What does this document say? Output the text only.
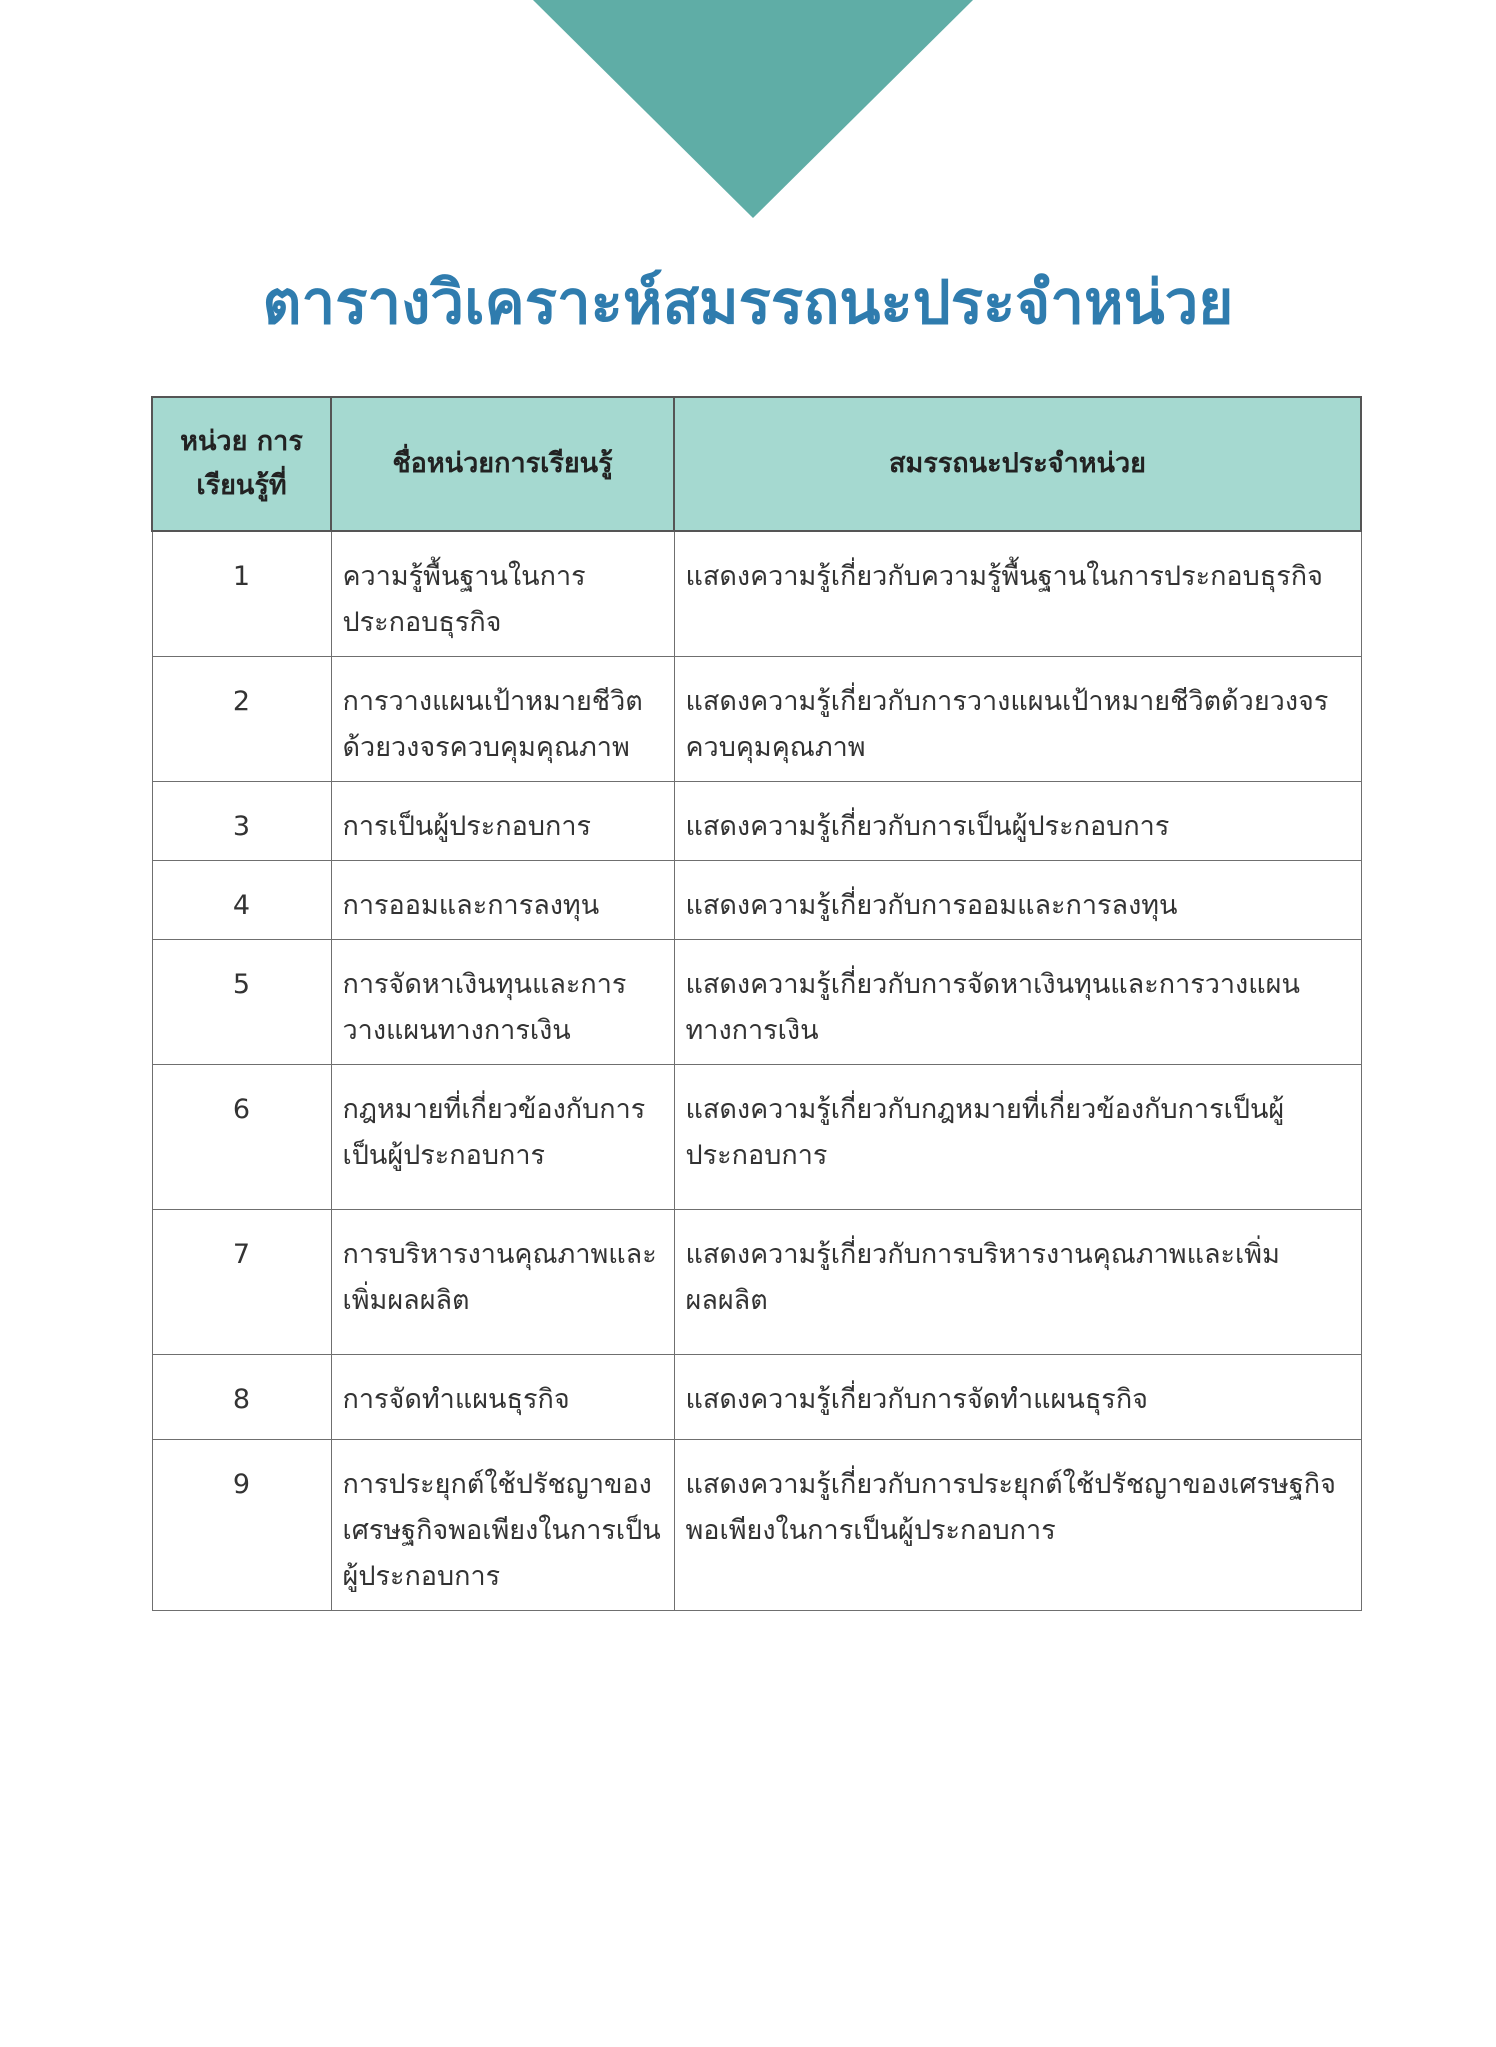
ตารางวิเคราะห์สมรรถนะประจำหน่วย
หน่วย การเรียนรู้ที่	ชื่อหน่วยการเรียนรู้	สมรรถนะประจำหน่วย
1	ความรู้พื้นฐานในการประกอบธุรกิจ	แสดงความรู้เกี่ยวกับความรู้พื้นฐานในการประกอบธุรกิจ
2	การวางแผนเป้าหมายชีวิตด้วยวงจรควบคุมคุณภาพ	แสดงความรู้เกี่ยวกับการวางแผนเป้าหมายชีวิตด้วยวงจรควบคุมคุณภาพ
3	การเป็นผู้ประกอบการ	แสดงความรู้เกี่ยวกับการเป็นผู้ประกอบการ
4	การออมและการลงทุน	แสดงความรู้เกี่ยวกับการออมและการลงทุน
5	การจัดหาเงินทุนและการวางแผนทางการเงิน	แสดงความรู้เกี่ยวกับการจัดหาเงินทุนและการวางแผนทางการเงิน
6	กฎหมายที่เกี่ยวข้องกับการเป็นผู้ประกอบการ	แสดงความรู้เกี่ยวกับกฎหมายที่เกี่ยวข้องกับการเป็นผู้ประกอบการ
7	การบริหารงานคุณภาพและเพิ่มผลผลิต	แสดงความรู้เกี่ยวกับการบริหารงานคุณภาพและเพิ่มผลผลิต
8	การจัดทำแผนธุรกิจ	แสดงความรู้เกี่ยวกับการจัดทำแผนธุรกิจ
9	การประยุกต์ใช้ปรัชญาของเศรษฐกิจพอเพียงในการเป็นผู้ประกอบการ	แสดงความรู้เกี่ยวกับการประยุกต์ใช้ปรัชญาของเศรษฐกิจพอเพียงในการเป็นผู้ประกอบการ
